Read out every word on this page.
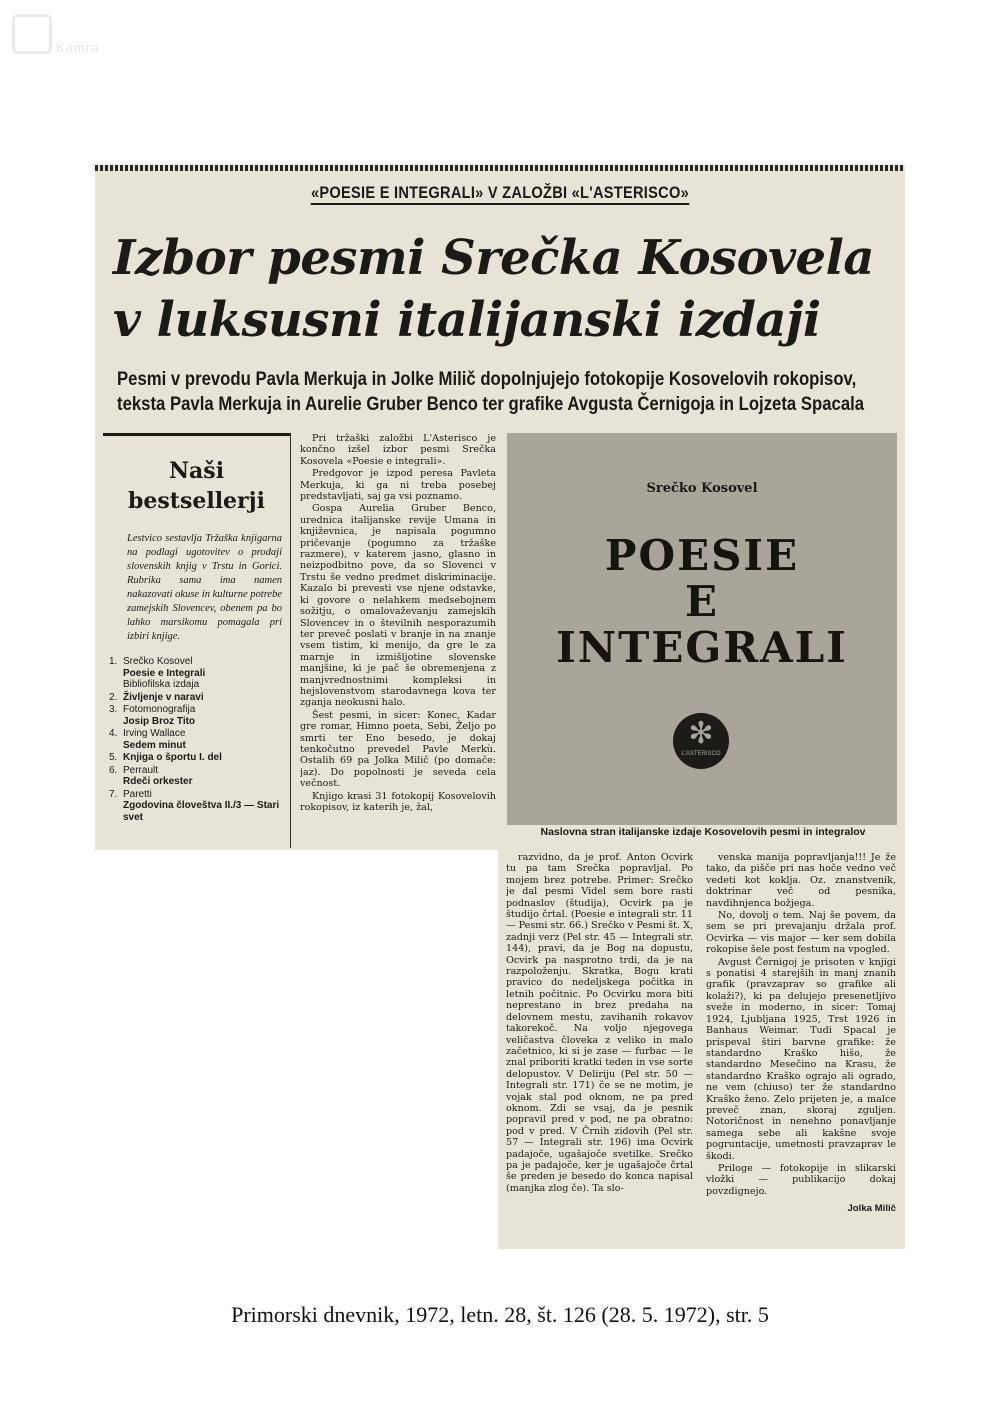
Kamra
«POESIE E INTEGRALI» V ZALOŽBI «L'ASTERISCO»
Izbor pesmi Srečka Kosovela
v luksusni italijanski izdaji
Pesmi v prevodu Pavla Merkuja in Jolke Milič dopolnjujejo fotokopije Kosovelovih rokopisov,
teksta Pavla Merkuja in Aurelie Gruber Benco ter grafike Avgusta Černigoja in Lojzeta Spacala
Naši
bestsellerji
Lestvico sestavlja Tržaška knjigarna na podlagi ugotovitev o prodaji slovenskih knjig v Trstu in Gorici. Rubrika sama ima namen nakazovati okuse in kulturne potrebe zamejskih Slovencev, obenem pa bo lahko marsikomu pomagala pri izbiri knjige.
1. Srečko Kosovel
Poesie e Integrali
Bibliofilska izdaja
2. Življenje v naravi
3. Fotomonografija
Josip Broz Tito
4. Irving Wallace
Sedem minut
5. Knjiga o športu I. del
6. Perrault
Rdeči orkester
7. Paretti
Zgodovina človeštva II./3 — Stari svet

Pri tržaški založbi L'Asterisco je končno izšel izbor pesmi Srečka Kosovela «Poesie e integrali».

Predgovor je izpod peresa Pavleta Merkuja, ki ga ni treba posebej predstavljati, saj ga vsi poznamo.

Gospa Aurelia Gruber Benco, urednica italijanske revije Umana in književnica, je napisala pogumno pričevanje (pogumno za tržaške razmere), v katerem jasno, glasno in neizpodbitno pove, da so Slovenci v Trstu še vedno predmet diskriminacije. Kazalo bi prevesti vse njene odstavke, ki govore o nelahkem medsebojnem sožitju, o omalovaževanju zamejskih Slovencev in o številnih nesporazumih ter preveč poslati v branje in na znanje vsem tistim, ki menijo, da gre le za marnje in izmišljotine slovenske manjšine, ki je pač še obremenjena z manjvrednostnimi kompleksi in hejslovenstvom starodavnega kova ter zganja neokusni halo.

Šest pesmi, in sicer: Konec, Kadar gre romar, Himno poeta, Sebi, Željo po smrti ter Eno besedo, je dokaj tenkočutno prevedel Pavle Merkù. Ostalih 69 pa Jolka Milič (po domače: jaz). Do popolnosti je seveda cela večnost.

Knjigo krasi 31 fotokopij Kosovelovih rokopisov, iz katerih je, žal,

Srečko Kosovel
POESIE
E
INTEGRALI
✻
L'ASTERISCO
Naslovna stran italijanske izdaje Kosovelovih pesmi in integralov

razvidno, da je prof. Anton Ocvirk tu pa tam Srečka popravljal. Po mojem brez potrebe. Primer: Srečko je dal pesmi Videl sem bore rasti podnaslov (študija), Ocvirk pa je študijo črtal. (Poesie e integrali str. 11 — Pesmi str. 66.) Srečko v Pesmi št. X, zadnji verz (Pel str. 45 — Integrali str. 144), pravi, da je Bog na dopustu, Ocvirk pa nasprotno trdi, da je na razpoloženju. Skratka, Bogu krati pravico do nedeljskega počitka in letnih počitnic. Po Ocvirku mora biti neprestano in brez predaha na delovnem mestu, zavihanih rokavov takorekoč. Na voljo njegovega veličastva človeka z veliko in malo začetnico, ki si je zase — furbac — le znal priboriti kratki teden in vse sorte delopustov. V Deliriju (Pel str. 50 — Integrali str. 171) če se ne motim, je vojak stal pod oknom, ne pa pred oknom. Zdi se vsaj, da je pesnik popravil pred v pod, ne pa obratno: pod v pred. V Črnih zidovih (Pel str. 57 — Integrali str. 196) ima Ocvirk padajoče, ugašajoče svetilke. Srečko pa je padajoče, ker je ugašajoče črtal še preden je besedo do konca napisal (manjka zlog če). Ta slo-

venska manija popravljanja!!! Je že tako, da pišče pri nas hoče vedno več vedeti kot koklja. Oz. znanstvenik, doktrinar več od pesnika, navdihnjenca božjega.

No, dovolj o tem. Naj še povem, da sem se pri prevajanju držala prof. Ocvirka — vis major — ker sem dobila rokopise šele post festum na vpogled.

Avgust Černigoj je prisoten v knjigi s ponatisi 4 starejših in manj znanih grafik (pravzaprav so grafike ali kolaži?), ki pa delujejo presenetljivo sveže in moderno, in sicer: Tomaj 1924, Ljubljana 1925, Trst 1926 in Banhaus Weimar. Tudi Spacal je prispeval štiri barvne grafike: že standardno Kraško hišo, že standardno Mesečino na Krasu, že standardno Kraško ograjo ali ogrado, ne vem (chiuso) ter že standardno Kraško ženo. Zelo prijeten je, a malce preveč znan, skoraj zguljen. Notoričnost in nenehno ponavljanje samega sebe ali kakšne svoje pogruntacije, umetnosti pravzaprav le škodi.

Priloge — fotokopije in slikarski vložki — publikacijo dokaj povzdignejo.

Jolka Milič

Primorski dnevnik, 1972, letn. 28, št. 126 (28. 5. 1972), str. 5
